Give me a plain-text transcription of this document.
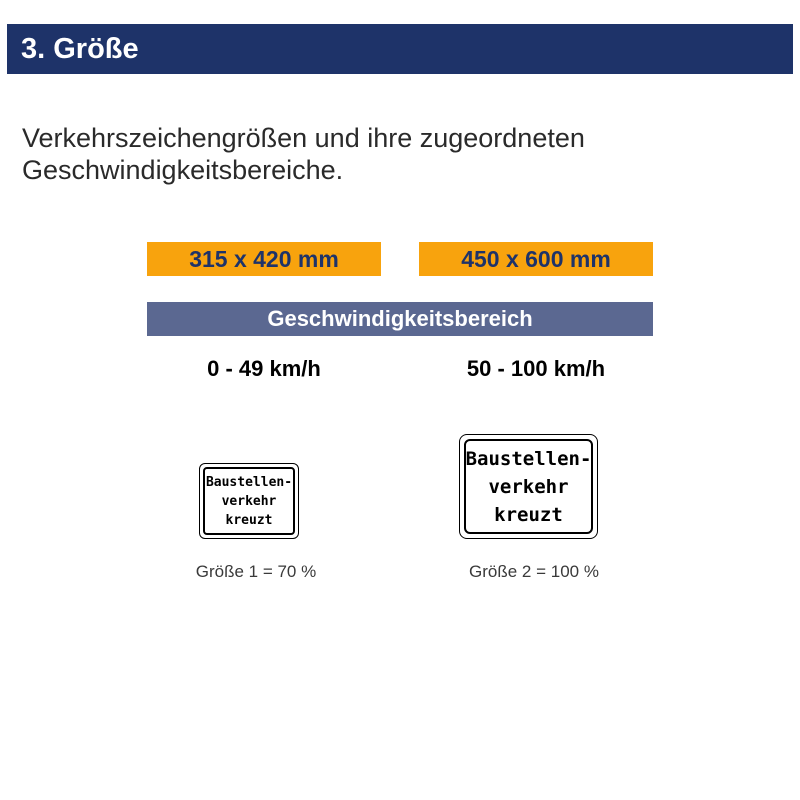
3. Größe
Verkehrszeichengrößen und ihre zugeordneten
Geschwindigkeitsbereiche.
315 x 420 mm	450 x 600 mm
Geschwindigkeitsbereich
0 - 49 km/h	50 - 100 km/h
Baustellen-
verkehr
kreuzt
Baustellen-
verkehr
kreuzt
Größe 1 = 70 %	Größe 2 = 100 %
